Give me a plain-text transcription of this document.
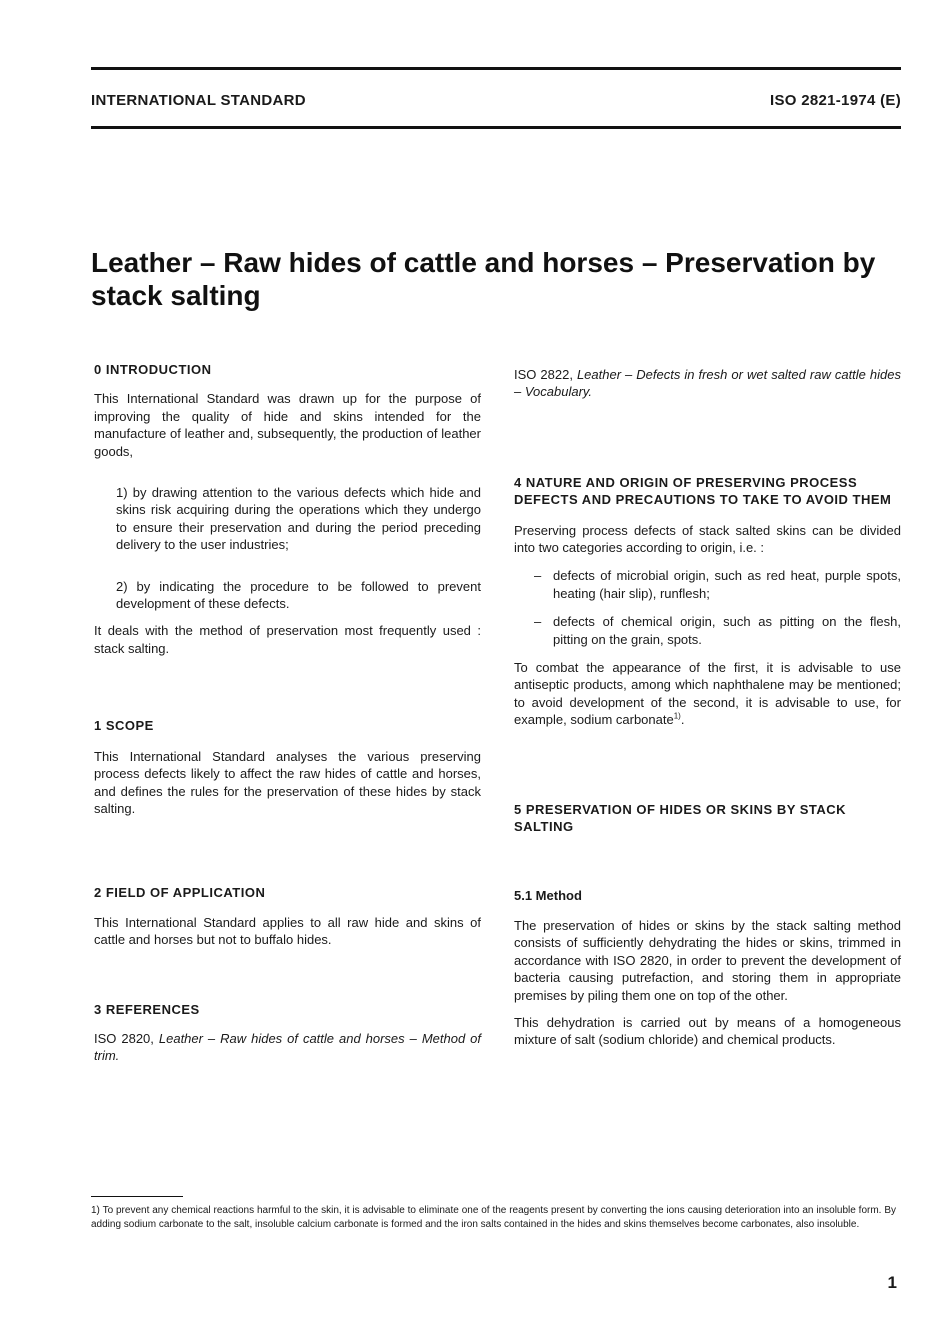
INTERNATIONAL STANDARD	ISO 2821-1974 (E)
Leather – Raw hides of cattle and horses – Preservation by stack salting
0 INTRODUCTION

This International Standard was drawn up for the purpose of improving the quality of hide and skins intended for the manufacture of leather and, subsequently, the production of leather goods,

1) by drawing attention to the various defects which hide and skins risk acquiring during the operations which they undergo to ensure their preservation and during the period preceding delivery to the user industries;

2) by indicating the procedure to be followed to prevent development of these defects.

It deals with the method of preservation most frequently used : stack salting.

1 SCOPE

This International Standard analyses the various preserving process defects likely to affect the raw hides of cattle and horses, and defines the rules for the preservation of these hides by stack salting.

2 FIELD OF APPLICATION

This International Standard applies to all raw hide and skins of cattle and horses but not to buffalo hides.

3 REFERENCES

ISO 2820, Leather – Raw hides of cattle and horses – Method of trim.

ISO 2822, Leather – Defects in fresh or wet salted raw cattle hides – Vocabulary.

4 NATURE AND ORIGIN OF PRESERVING PROCESS DEFECTS AND PRECAUTIONS TO TAKE TO AVOID THEM

Preserving process defects of stack salted skins can be divided into two categories according to origin, i.e. :

– defects of microbial origin, such as red heat, purple spots, heating (hair slip), runflesh;

– defects of chemical origin, such as pitting on the flesh, pitting on the grain, spots.

To combat the appearance of the first, it is advisable to use antiseptic products, among which naphthalene may be mentioned; to avoid development of the second, it is advisable to use, for example, sodium carbonate$^{1)}$.

5 PRESERVATION OF HIDES OR SKINS BY STACK SALTING
5.1 Method

The preservation of hides or skins by the stack salting method consists of sufficiently dehydrating the hides or skins, trimmed in accordance with ISO 2820, in order to prevent the development of bacteria causing putrefaction, and storing them in appropriate premises by piling them one on top of the other.

This dehydration is carried out by means of a homogeneous mixture of salt (sodium chloride) and chemical products.

1) To prevent any chemical reactions harmful to the skin, it is advisable to eliminate one of the reagents present by converting the ions causing deterioration into an insoluble form. By adding sodium carbonate to the salt, insoluble calcium carbonate is formed and the iron salts contained in the hides and skins themselves become carbonates, also insoluble.

1
